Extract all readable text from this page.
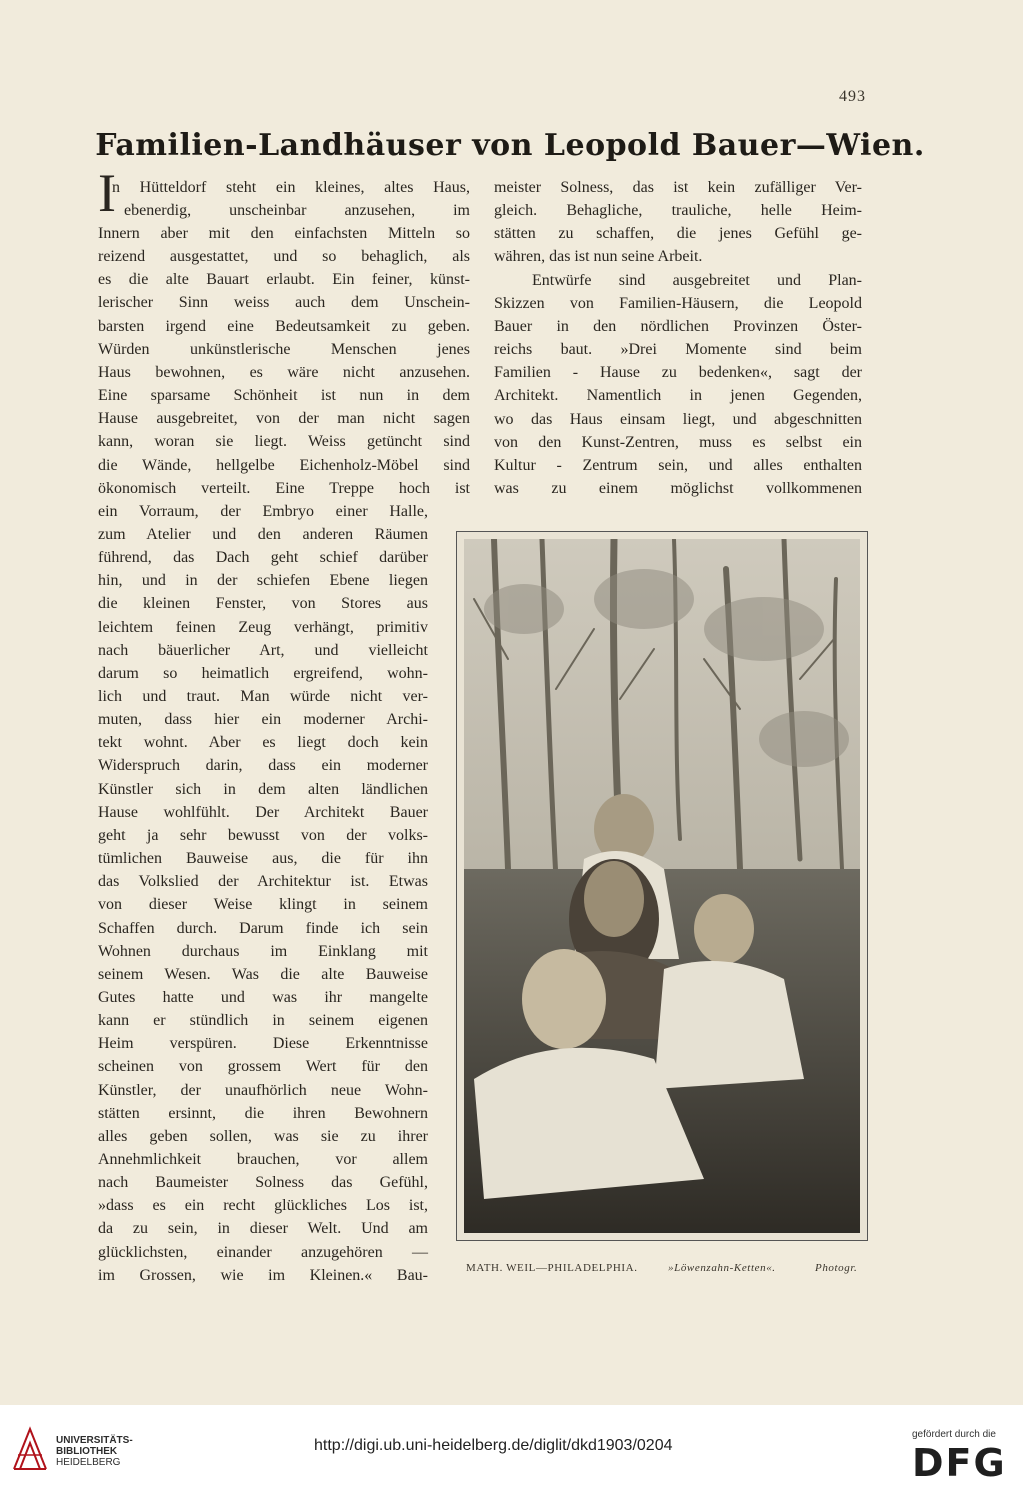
493
Familien-Landhäuser von Leopold Bauer—Wien.
I
n Hütteldorf steht ein kleines, altes Haus,
ebenerdig, unscheinbar anzusehen, im
Innern aber mit den einfachsten Mitteln so
reizend ausgestattet, und so behaglich, als
es die alte Bauart erlaubt. Ein feiner, künst-
lerischer Sinn weiss auch dem Unschein-
barsten irgend eine Bedeutsamkeit zu geben.
Würden unkünstlerische Menschen jenes
Haus bewohnen, es wäre nicht anzusehen.
Eine sparsame Schönheit ist nun in dem
Hause ausgebreitet, von der man nicht sagen
kann, woran sie liegt. Weiss getüncht sind
die Wände, hellgelbe Eichenholz-Möbel sind
ökonomisch verteilt. Eine Treppe hoch ist
ein Vorraum, der Embryo einer Halle,
zum Atelier und den anderen Räumen
führend, das Dach geht schief darüber
hin, und in der schiefen Ebene liegen
die kleinen Fenster, von Stores aus
leichtem feinen Zeug verhängt, primitiv
nach bäuerlicher Art, und vielleicht
darum so heimatlich ergreifend, wohn-
lich und traut. Man würde nicht ver-
muten, dass hier ein moderner Archi-
tekt wohnt. Aber es liegt doch kein
Widerspruch darin, dass ein moderner
Künstler sich in dem alten ländlichen
Hause wohlfühlt. Der Architekt Bauer
geht ja sehr bewusst von der volks-
tümlichen Bauweise aus, die für ihn
das Volkslied der Architektur ist. Etwas
von dieser Weise klingt in seinem
Schaffen durch. Darum finde ich sein
Wohnen durchaus im Einklang mit
seinem Wesen. Was die alte Bauweise
Gutes hatte und was ihr mangelte
kann er stündlich in seinem eigenen
Heim verspüren. Diese Erkenntnisse
scheinen von grossem Wert für den
Künstler, der unaufhörlich neue Wohn-
stätten ersinnt, die ihren Bewohnern
alles geben sollen, was sie zu ihrer
Annehmlichkeit brauchen, vor allem
nach Baumeister Solness das Gefühl,
»dass es ein recht glückliches Los ist,
da zu sein, in dieser Welt. Und am
glücklichsten, einander anzugehören —
im Grossen, wie im Kleinen.« Bau-
meister Solness, das ist kein zufälliger Ver-
gleich. Behagliche, trauliche, helle Heim-
stätten zu schaffen, die jenes Gefühl ge-
währen, das ist nun seine Arbeit.
Entwürfe sind ausgebreitet und Plan-
Skizzen von Familien-Häusern, die Leopold
Bauer in den nördlichen Provinzen Öster-
reichs baut. »Drei Momente sind beim
Familien - Hause zu bedenken«, sagt der
Architekt. Namentlich in jenen Gegenden,
wo das Haus einsam liegt, und abgeschnitten
von den Kunst-Zentren, muss es selbst ein
Kultur - Zentrum sein, und alles enthalten
was zu einem möglichst vollkommenen
MATH. WEIL—PHILADELPHIA.	»Löwenzahn-Ketten«.	Photogr.
UNIVERSITÄTS-
BIBLIOTHEK
HEIDELBERG
http://digi.ub.uni-heidelberg.de/diglit/dkd1903/0204
gefördert durch die
DFG
